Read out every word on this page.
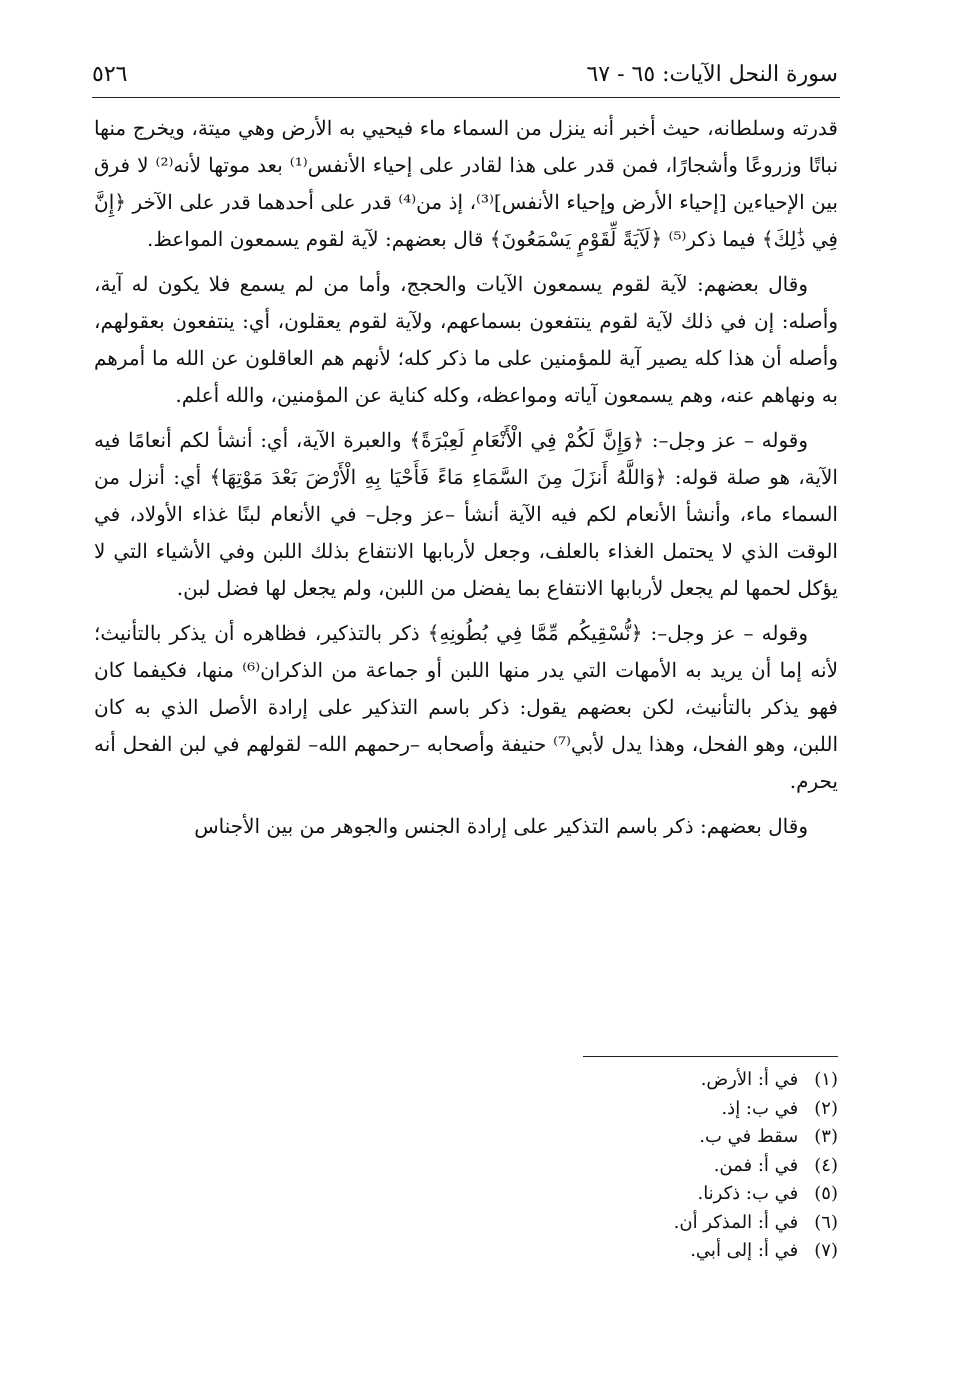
سورة النحل الآيات: ٦٥ - ٦٧
٥٢٦

قدرته وسلطانه، حيث أخبر أنه ينزل من السماء ماء فيحيي به الأرض وهي ميتة، ويخرج منها نباتًا وزروعًا وأشجارًا، فمن قدر على هذا لقادر على إحياء الأنفس⁽¹⁾ بعد موتها لأنه⁽²⁾ لا فرق بين الإحياءين [إحياء الأرض وإحياء الأنفس]⁽³⁾، إذ من⁽⁴⁾ قدر على أحدهما قدر على الآخر ﴿إِنَّ فِي ذَٰلِكَ﴾ فيما ذكر⁽⁵⁾ ﴿لَآيَةً لِّقَوْمٍ يَسْمَعُونَ﴾ قال بعضهم: لآية لقوم يسمعون المواعظ.

وقال بعضهم: لآية لقوم يسمعون الآيات والحجج، وأما من لم يسمع فلا يكون له آية، وأصله: إن في ذلك لآية لقوم ينتفعون بسماعهم، ولآية لقوم يعقلون، أي: ينتفعون بعقولهم، وأصله أن هذا كله يصير آية للمؤمنين على ما ذكر كله؛ لأنهم هم العاقلون عن الله ما أمرهم به ونهاهم عنه، وهم يسمعون آياته ومواعظه، وكله كناية عن المؤمنين، والله أعلم.

وقوله – عز وجل–: ﴿وَإِنَّ لَكُمْ فِي الْأَنْعَامِ لَعِبْرَةً﴾ والعبرة الآية، أي: أنشأ لكم أنعامًا فيه الآية، هو صلة قوله: ﴿وَاللَّهُ أَنزَلَ مِنَ السَّمَاءِ مَاءً فَأَحْيَا بِهِ الْأَرْضَ بَعْدَ مَوْتِهَا﴾ أي: أنزل من السماء ماء، وأنشأ الأنعام لكم فيه الآية أنشأ –عز وجل– في الأنعام لبنًا غذاء الأولاد، في الوقت الذي لا يحتمل الغذاء بالعلف، وجعل لأربابها الانتفاع بذلك اللبن وفي الأشياء التي لا يؤكل لحمها لم يجعل لأربابها الانتفاع بما يفضل من اللبن، ولم يجعل لها فضل لبن.

وقوله – عز وجل–: ﴿نُّسْقِيكُم مِّمَّا فِي بُطُونِهِ﴾ ذكر بالتذكير، فظاهره أن يذكر بالتأنيث؛ لأنه إما أن يريد به الأمهات التي يدر منها اللبن أو جماعة من الذكران⁽⁶⁾ منها، فكيفما كان فهو يذكر بالتأنيث، لكن بعضهم يقول: ذكر باسم التذكير على إرادة الأصل الذي به كان اللبن، وهو الفحل، وهذا يدل لأبي⁽⁷⁾ حنيفة وأصحابه –رحمهم الله– لقولهم في لبن الفحل أنه يحرم.

وقال بعضهم: ذكر باسم التذكير على إرادة الجنس والجوهر من بين الأجناس

(١) في أ: الأرض.
(٢) في ب: إذ.
(٣) سقط في ب.
(٤) في أ: فمن.
(٥) في ب: ذكرنا.
(٦) في أ: المذكر أن.
(٧) في أ: إلى أبي.
